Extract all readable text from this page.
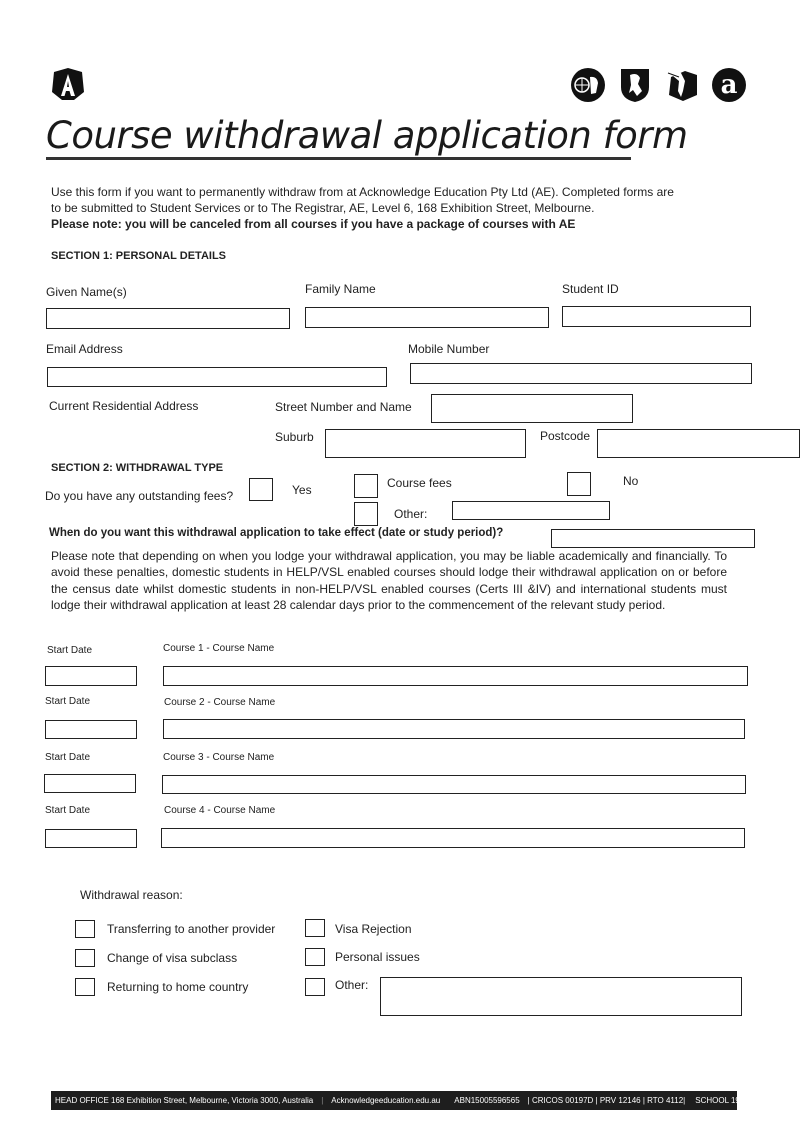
a
Course withdrawal application form
Use this form if you want to permanently withdraw from at Acknowledge Education Pty Ltd (AE). Completed forms are
to be submitted to Student Services or to The Registrar, AE, Level 6, 168 Exhibition Street, Melbourne.
Please note: you will be canceled from all courses if you have a package of courses with AE
SECTION 1: PERSONAL DETAILS
Given Name(s)	Family Name	Student ID
Email Address	Mobile Number
Current Residential Address	Street Number and Name
Suburb	Postcode
SECTION 2: WITHDRAWAL TYPE
Do you have any outstanding fees?	Yes	Course fees	No
Other:
When do you want this withdrawal application to take effect (date or study period)?
Please note that depending on when you lodge your withdrawal application, you may be liable academically and financially. To avoid these penalties, domestic students in HELP/VSL enabled courses should lodge their withdrawal application on or before the census date whilst domestic students in non-HELP/VSL enabled courses (Certs III &IV) and international students must lodge their withdrawal application at least 28 calendar days prior to the commencement of the relevant study period.
Start Date	Course 1 - Course Name
Start Date	Course 2 - Course Name
Start Date	Course 3 - Course Name
Start Date	Course 4 - Course Name
Withdrawal reason:
Transferring to another provider
Change of visa subclass
Returning to home country
Visa Rejection
Personal issues
Other:
HEAD OFFICE 168 Exhibition Street, Melbourne, Victoria 3000, Australia	|	Acknowledgeeducation.edu.au	ABN15005596565	| CRICOS 00197D | PRV 12146 | RTO 4112|	SCHOOL 1997
